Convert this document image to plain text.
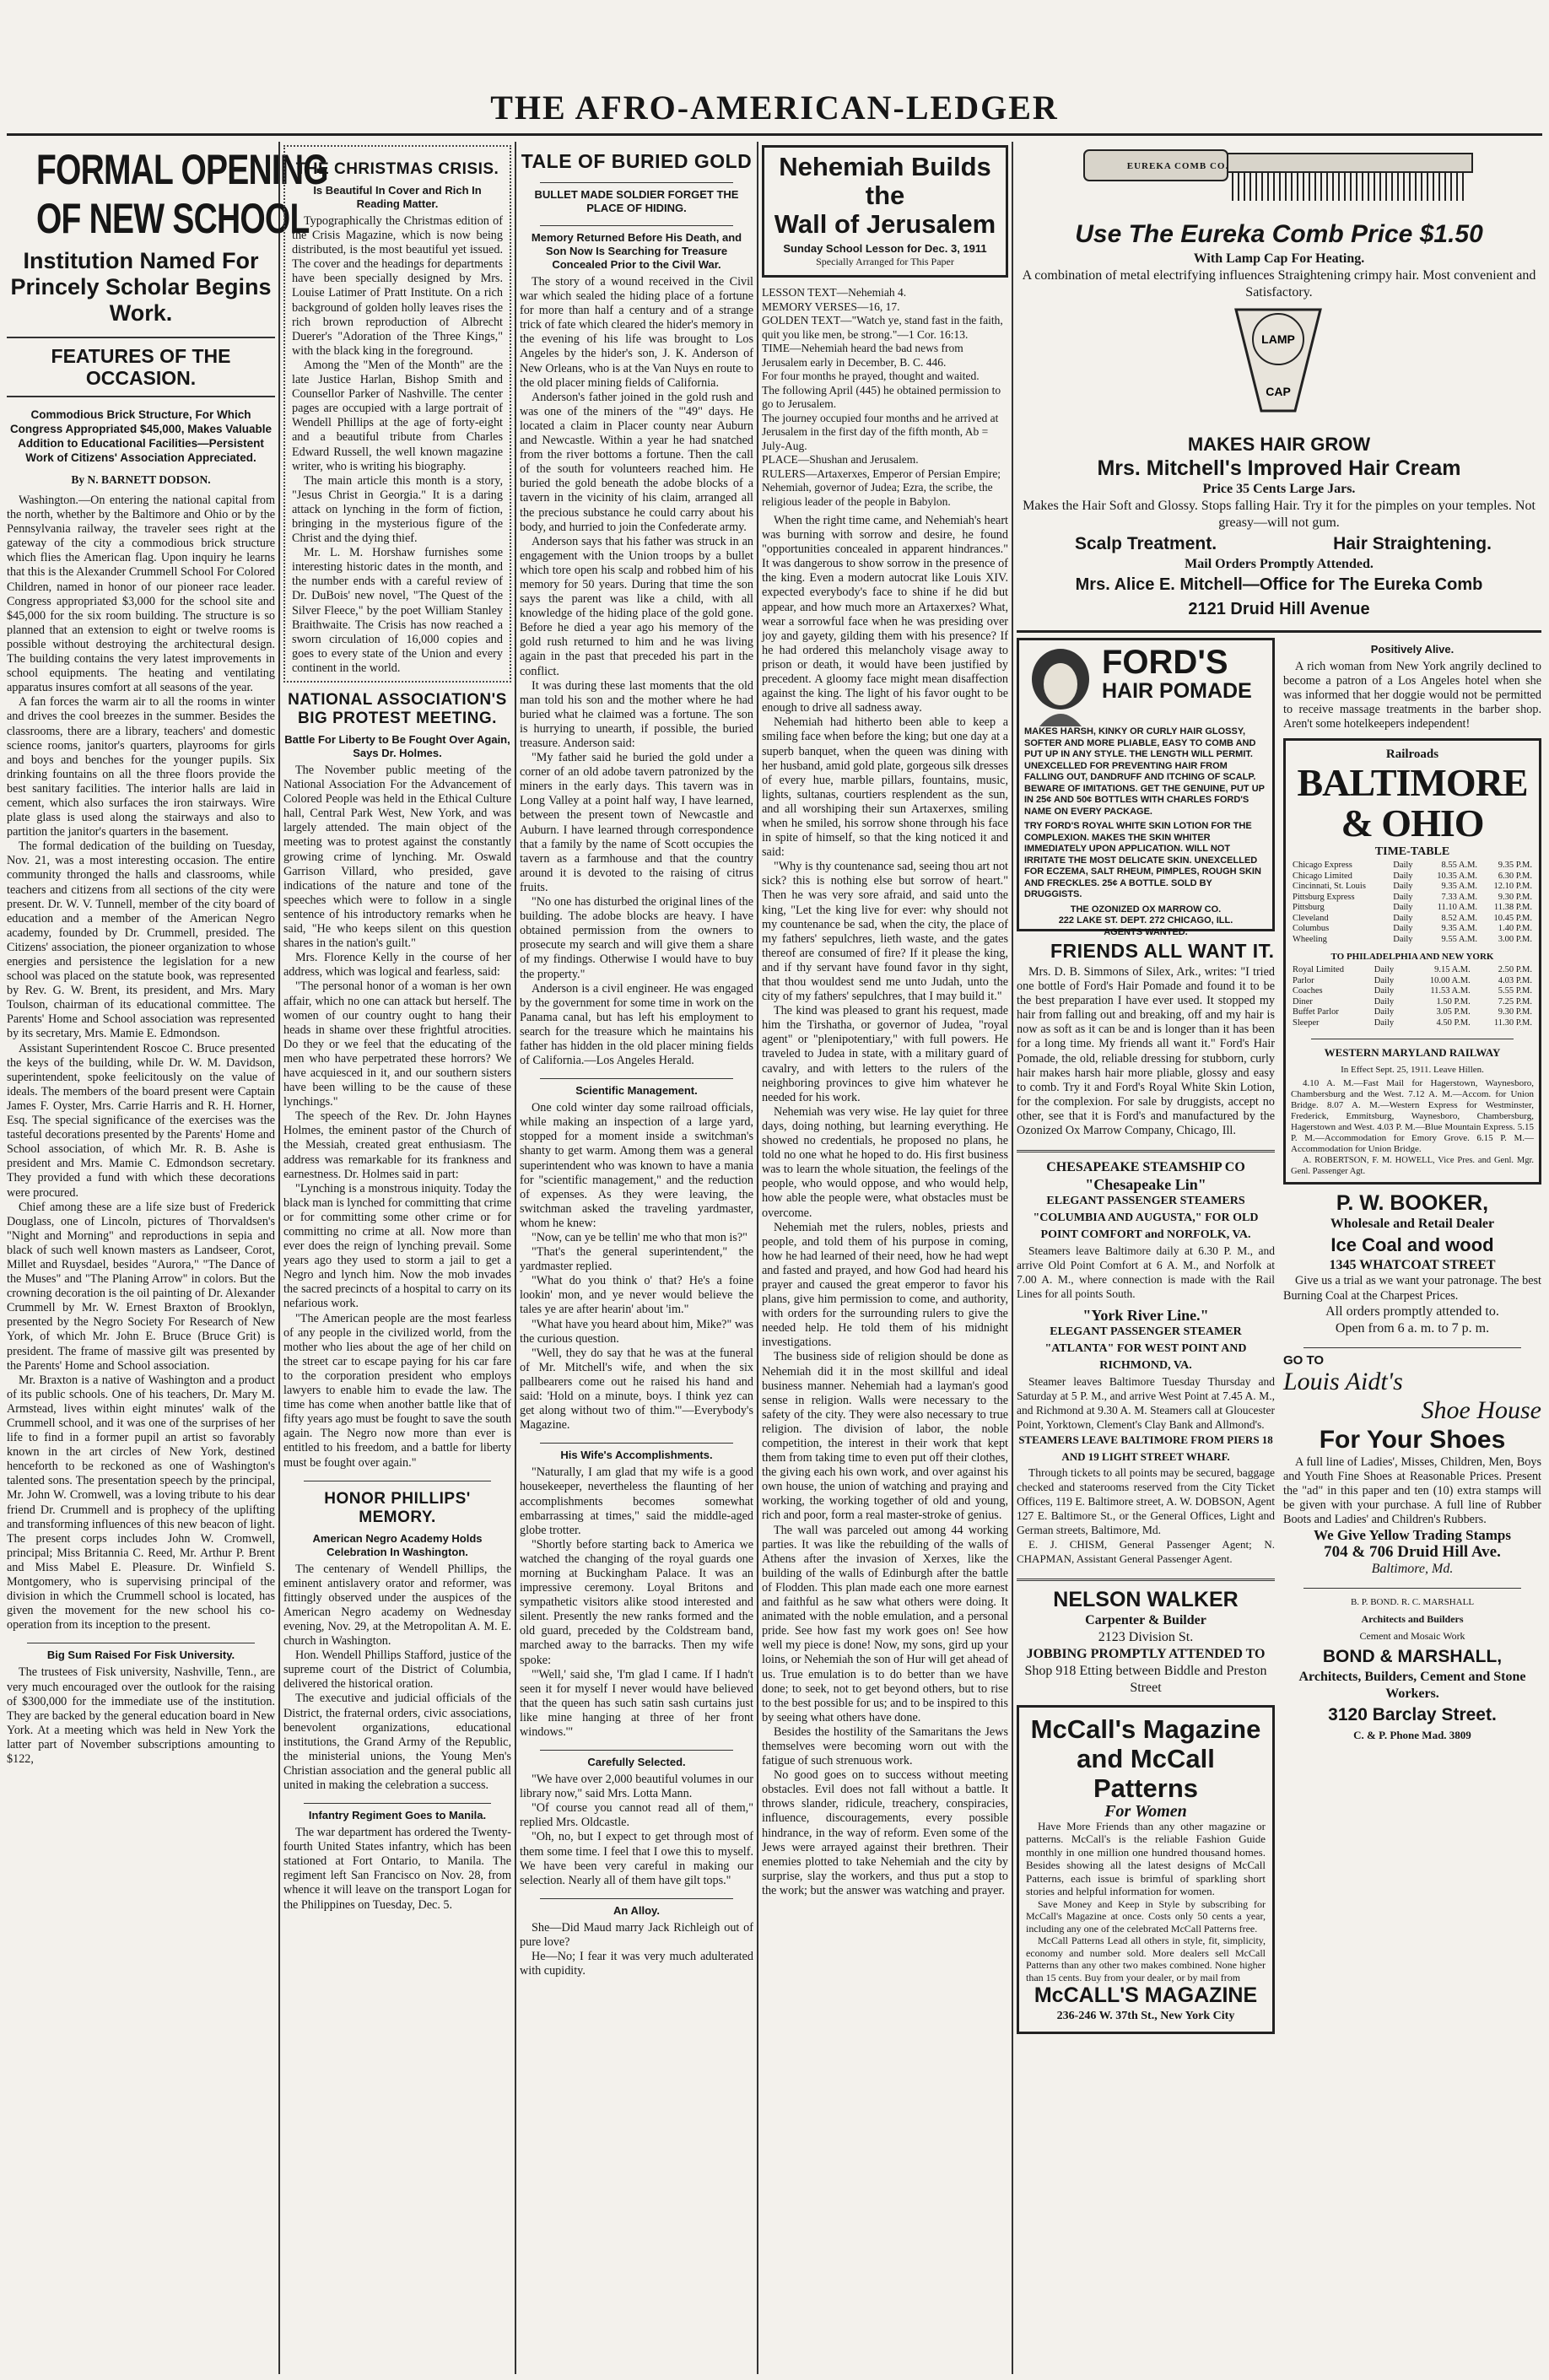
THE AFRO-AMERICAN-LEDGER
FORMAL OPENING
OF NEW SCHOOL
Institution Named For Princely Scholar Begins Work.
FEATURES OF THE OCCASION.
Commodious Brick Structure, For Which Congress Appropriated $45,000, Makes Valuable Addition to Educational Facilities—Persistent Work of Citizens' Association Appreciated.
By N. BARNETT DODSON.

Washington.—On entering the national capital from the north, whether by the Baltimore and Ohio or by the Pennsylvania railway, the traveler sees right at the gateway of the city a commodious brick structure which flies the American flag. Upon inquiry he learns that this is the Alexander Crummell School For Colored Children, named in honor of our pioneer race leader. Congress appropriated $3,000 for the school site and $45,000 for the six room building. The structure is so planned that an extension to eight or twelve rooms is possible without destroying the architectural design. The building contains the very latest improvements in school equipments. The heating and ventilating apparatus insures comfort at all seasons of the year.

A fan forces the warm air to all the rooms in winter and drives the cool breezes in the summer. Besides the classrooms, there are a library, teachers' and domestic science rooms, janitor's quarters, playrooms for girls and boys and benches for the younger pupils. Six drinking fountains on all the three floors provide the best sanitary facilities. The interior halls are laid in cement, which also surfaces the iron stairways. Wire plate glass is used along the stairways and also to partition the janitor's quarters in the basement.

The formal dedication of the building on Tuesday, Nov. 21, was a most interesting occasion. The entire community thronged the halls and classrooms, while teachers and citizens from all sections of the city were present. Dr. W. V. Tunnell, member of the city board of education and a member of the American Negro academy, founded by Dr. Crummell, presided. The Citizens' association, the pioneer organization to whose energies and persistence the legislation for a new school was placed on the statute book, was represented by Rev. G. W. Brent, its president, and Mrs. Mary Toulson, chairman of its educational committee. The Parents' Home and School association was represented by its secretary, Mrs. Mamie E. Edmondson.

Assistant Superintendent Roscoe C. Bruce presented the keys of the building, while Dr. W. M. Davidson, superintendent, spoke feelicitously on the value of ideals. The members of the board present were Captain James F. Oyster, Mrs. Carrie Harris and R. H. Horner, Esq. The special significance of the exercises was the tasteful decorations presented by the Parents' Home and School association, of which Mr. R. B. Ashe is president and Mrs. Mamie C. Edmondson secretary. They provided a fund with which these decorations were procured.

Chief among these are a life size bust of Frederick Douglass, one of Lincoln, pictures of Thorvaldsen's "Night and Morning" and reproductions in sepia and black of such well known masters as Landseer, Corot, Millet and Ruysdael, besides "Aurora," "The Dance of the Muses" and "The Planing Arrow" in colors. But the crowning decoration is the oil painting of Dr. Alexander Crummell by Mr. W. Ernest Braxton of Brooklyn, presented by the Negro Society For Research of New York, of which Mr. John E. Bruce (Bruce Grit) is president. The frame of massive gilt was presented by the Parents' Home and School association.

Mr. Braxton is a native of Washington and a product of its public schools. One of his teachers, Dr. Mary M. Armstead, lives within eight minutes' walk of the Crummell school, and it was one of the surprises of her life to find in a former pupil an artist so favorably known in the art circles of New York, destined henceforth to be reckoned as one of Washington's talented sons. The presentation speech by the principal, Mr. John W. Cromwell, was a loving tribute to his dear friend Dr. Crummell and is prophecy of the uplifting and transforming influences of this new beacon of light. The present corps includes John W. Cromwell, principal; Miss Britannia C. Reed, Mr. Arthur P. Brent and Miss Mabel E. Pleasure. Dr. Winfield S. Montgomery, who is supervising principal of the division in which the Crummell school is located, has given the movement for the new school his co-operation from its inception to the present.

Big Sum Raised For Fisk University.

The trustees of Fisk university, Nashville, Tenn., are very much encouraged over the outlook for the raising of $300,000 for the immediate use of the institution. They are backed by the general education board in New York. At a meeting which was held in New York the latter part of November subscriptions amounting to $122,

THE CHRISTMAS CRISIS.
Is Beautiful In Cover and Rich In Reading Matter.

Typographically the Christmas edition of the Crisis Magazine, which is now being distributed, is the most beautiful yet issued. The cover and the headings for departments have been specially designed by Mrs. Louise Latimer of Pratt Institute. On a rich background of golden holly leaves rises the rich brown reproduction of Albrecht Duerer's "Adoration of the Three Kings," with the black king in the foreground.

Among the "Men of the Month" are the late Justice Harlan, Bishop Smith and Counsellor Parker of Nashville. The center pages are occupied with a large portrait of Wendell Phillips at the age of forty-eight and a beautiful tribute from Charles Edward Russell, the well known magazine writer, who is writing his biography.

The main article this month is a story, "Jesus Christ in Georgia." It is a daring attack on lynching in the form of fiction, bringing in the mysterious figure of the Christ and the dying thief.

Mr. L. M. Horshaw furnishes some interesting historic dates in the month, and the number ends with a careful review of Dr. DuBois' new novel, "The Quest of the Silver Fleece," by the poet William Stanley Braithwaite. The Crisis has now reached a sworn circulation of 16,000 copies and goes to every state of the Union and every continent in the world.

NATIONAL ASSOCIATION'S BIG PROTEST MEETING.
Battle For Liberty to Be Fought Over Again, Says Dr. Holmes.

The November public meeting of the National Association For the Advancement of Colored People was held in the Ethical Culture hall, Central Park West, New York, and was largely attended. The main object of the meeting was to protest against the constantly growing crime of lynching. Mr. Oswald Garrison Villard, who presided, gave indications of the nature and tone of the speeches which were to follow in a single sentence of his introductory remarks when he said, "He who keeps silent on this question shares in the nation's guilt."

Mrs. Florence Kelly in the course of her address, which was logical and fearless, said:

"The personal honor of a woman is her own affair, which no one can attack but herself. The women of our country ought to hang their heads in shame over these frightful atrocities. Do they or we feel that the educating of the men who have perpetrated these horrors? We have acquiesced in it, and our southern sisters have been willing to be the cause of these lynchings."

The speech of the Rev. Dr. John Haynes Holmes, the eminent pastor of the Church of the Messiah, created great enthusiasm. The address was remarkable for its frankness and earnestness. Dr. Holmes said in part:

"Lynching is a monstrous iniquity. Today the black man is lynched for committing that crime or for committing some other crime or for committing no crime at all. Now more than ever does the reign of lynching prevail. Some years ago they used to storm a jail to get a Negro and lynch him. Now the mob invades the sacred precincts of a hospital to carry on its nefarious work.

"The American people are the most fearless of any people in the civilized world, from the mother who lies about the age of her child on the street car to escape paying for his car fare to the corporation president who employs lawyers to enable him to evade the law. The time has come when another battle like that of fifty years ago must be fought to save the south again. The Negro now more than ever is entitled to his freedom, and a battle for liberty must be fought over again."

HONOR PHILLIPS' MEMORY.
American Negro Academy Holds Celebration In Washington.

The centenary of Wendell Phillips, the eminent antislavery orator and reformer, was fittingly observed under the auspices of the American Negro academy on Wednesday evening, Nov. 29, at the Metropolitan A. M. E. church in Washington.

Hon. Wendell Phillips Stafford, justice of the supreme court of the District of Columbia, delivered the historical oration.

The executive and judicial officials of the District, the fraternal orders, civic associations, benevolent organizations, educational institutions, the Grand Army of the Republic, the ministerial unions, the Young Men's Christian association and the general public all united in making the celebration a success.

Infantry Regiment Goes to Manila.

The war department has ordered the Twenty-fourth United States infantry, which has been stationed at Fort Ontario, to Manila. The regiment left San Francisco on Nov. 28, from whence it will leave on the transport Logan for the Philippines on Tuesday, Dec. 5.

TALE OF BURIED GOLD
BULLET MADE SOLDIER FORGET THE PLACE OF HIDING.
Memory Returned Before His Death, and Son Now Is Searching for Treasure Concealed Prior to the Civil War.

The story of a wound received in the Civil war which sealed the hiding place of a fortune for more than half a century and of a strange trick of fate which cleared the hider's memory in the evening of his life was brought to Los Angeles by the hider's son, J. K. Anderson of New Orleans, who is at the Van Nuys en route to the old placer mining fields of California.

Anderson's father joined in the gold rush and was one of the miners of the "'49" days. He located a claim in Placer county near Auburn and Newcastle. Within a year he had snatched from the river bottoms a fortune. Then the call of the south for volunteers reached him. He buried the gold beneath the adobe blocks of a tavern in the vicinity of his claim, arranged all the precious substance he could carry about his body, and hurried to join the Confederate army.

Anderson says that his father was struck in an engagement with the Union troops by a bullet which tore open his scalp and robbed him of his memory for 50 years. During that time the son says the parent was like a child, with all knowledge of the hiding place of the gold gone. Before he died a year ago his memory of the gold rush returned to him and he was living again in the past that preceded his part in the conflict.

It was during these last moments that the old man told his son and the mother where he had buried what he claimed was a fortune. The son is hurrying to unearth, if possible, the buried treasure. Anderson said:

"My father said he buried the gold under a corner of an old adobe tavern patronized by the miners in the early days. This tavern was in Long Valley at a point half way, I have learned, between the present town of Newcastle and Auburn. I have learned through correspondence that a family by the name of Scott occupies the tavern as a farmhouse and that the country around it is devoted to the raising of citrus fruits.

"No one has disturbed the original lines of the building. The adobe blocks are heavy. I have obtained permission from the owners to prosecute my search and will give them a share of my findings. Otherwise I would have to buy the property."

Anderson is a civil engineer. He was engaged by the government for some time in work on the Panama canal, but has left his employment to search for the treasure which he maintains his father has hidden in the old placer mining fields of California.—Los Angeles Herald.

Scientific Management.

One cold winter day some railroad officials, while making an inspection of a large yard, stopped for a moment inside a switchman's shanty to get warm. Among them was a general superintendent who was known to have a mania for "scientific management," and the reduction of expenses. As they were leaving, the switchman asked the traveling yardmaster, whom he knew:

"Now, can ye be tellin' me who that mon is?"

"That's the general superintendent," the yardmaster replied.

"What do you think o' that? He's a foine lookin' mon, and ye never would believe the tales ye are after hearin' about 'im."

"What have you heard about him, Mike?" was the curious question.

"Well, they do say that he was at the funeral of Mr. Mitchell's wife, and when the six pallbearers come out he raised his hand and said: 'Hold on a minute, boys. I think yez can get along without two of thim.'"—Everybody's Magazine.

His Wife's Accomplishments.

"Naturally, I am glad that my wife is a good housekeeper, nevertheless the flaunting of her accomplishments becomes somewhat embarrassing at times," said the middle-aged globe trotter.

"Shortly before starting back to America we watched the changing of the royal guards one morning at Buckingham Palace. It was an impressive ceremony. Loyal Britons and sympathetic visitors alike stood interested and silent. Presently the new ranks formed and the old guard, preceded by the Coldstream band, marched away to the barracks. Then my wife spoke:

"'Well,' said she, 'I'm glad I came. If I hadn't seen it for myself I never would have believed that the queen has such satin sash curtains just like mine hanging at three of her front windows.'"

Carefully Selected.

"We have over 2,000 beautiful volumes in our library now," said Mrs. Lotta Mann.

"Of course you cannot read all of them," replied Mrs. Oldcastle.

"Oh, no, but I expect to get through most of them some time. I feel that I owe this to myself. We have been very careful in making our selection. Nearly all of them have gilt tops."

An Alloy.

She—Did Maud marry Jack Richleigh out of pure love?

He—No; I fear it was very much adulterated with cupidity.

Nehemiah Builds the
Wall of Jerusalem
Sunday School Lesson for Dec. 3, 1911
Specially Arranged for This Paper
LESSON TEXT—Nehemiah 4.
MEMORY VERSES—16, 17.
GOLDEN TEXT—"Watch ye, stand fast in the faith, quit you like men, be strong."—1 Cor. 16:13.
TIME—Nehemiah heard the bad news from Jerusalem early in December, B. C. 446.
For four months he prayed, thought and waited.
The following April (445) he obtained permission to go to Jerusalem.
The journey occupied four months and he arrived at Jerusalem in the first day of the fifth month, Ab = July-Aug.
PLACE—Shushan and Jerusalem.
RULERS—Artaxerxes, Emperor of Persian Empire; Nehemiah, governor of Judea; Ezra, the scribe, the religious leader of the people in Babylon.

When the right time came, and Nehemiah's heart was burning with sorrow and desire, he found "opportunities concealed in apparent hindrances." It was dangerous to show sorrow in the presence of the king. Even a modern autocrat like Louis XIV. expected everybody's face to shine if he did but appear, and how much more an Artaxerxes? What, wear a sorrowful face when he was presiding over joy and gayety, gilding them with his presence? If he had ordered this melancholy visage away to prison or death, it would have been justified by precedent. A gloomy face might mean disaffection against the king. The light of his favor ought to be enough to drive all sadness away.

Nehemiah had hitherto been able to keep a smiling face when before the king; but one day at a superb banquet, when the queen was dining with her husband, amid gold plate, gorgeous silk dresses of every hue, marble pillars, fountains, music, lights, sultanas, courtiers resplendent as the sun, and all worshiping their sun Artaxerxes, smiling when he smiled, his sorrow shone through his face in spite of himself, so that the king noticed it and said:

"Why is thy countenance sad, seeing thou art not sick? this is nothing else but sorrow of heart." Then he was very sore afraid, and said unto the king, "Let the king live for ever: why should not my countenance be sad, when the city, the place of my fathers' sepulchres, lieth waste, and the gates thereof are consumed of fire? If it please the king, and if thy servant have found favor in thy sight, that thou wouldest send me unto Judah, unto the city of my fathers' sepulchres, that I may build it."

The kind was pleased to grant his request, made him the Tirshatha, or governor of Judea, "royal agent" or "plenipotentiary," with full powers. He traveled to Judea in state, with a military guard of cavalry, and with letters to the rulers of the neighboring provinces to give him whatever he needed for his work.

Nehemiah was very wise. He lay quiet for three days, doing nothing, but learning everything. He showed no credentials, he proposed no plans, he told no one what he hoped to do. His first business was to learn the whole situation, the feelings of the people, who would oppose, and who would help, how able the people were, what obstacles must be overcome.

Nehemiah met the rulers, nobles, priests and people, and told them of his purpose in coming, how he had learned of their need, how he had wept and fasted and prayed, and how God had heard his prayer and caused the great emperor to favor his plans, give him permission to come, and authority, with orders for the surrounding rulers to give the needed help. He told them of his midnight investigations.

The business side of religion should be done as Nehemiah did it in the most skillful and ideal business manner. Nehemiah had a layman's good sense in religion. Walls were necessary to the safety of the city. They were also necessary to true religion. The division of labor, the noble competition, the interest in their work that kept them from taking time to even put off their clothes, the giving each his own work, and over against his own house, the union of watching and praying and working, the working together of old and young, rich and poor, form a real master-stroke of genius.

The wall was parceled out among 44 working parties. It was like the rebuilding of the walls of Athens after the invasion of Xerxes, like the building of the walls of Edinburgh after the battle of Flodden. This plan made each one more earnest and faithful as he saw what others were doing. It animated with the noble emulation, and a personal pride. See how fast my work goes on! See how well my piece is done! Now, my sons, gird up your loins, or Nehemiah the son of Hur will get ahead of us. True emulation is to do better than we have done; to seek, not to get beyond others, but to rise to the best possible for us; and to be inspired to this by seeing what others have done.

Besides the hostility of the Samaritans the Jews themselves were becoming worn out with the fatigue of such strenuous work.

No good goes on to success without meeting obstacles. Evil does not fall without a battle. It throws slander, ridicule, treachery, conspiracies, influence, discouragements, every possible hindrance, in the way of reform. Even some of the Jews were arrayed against their brethren. Their enemies plotted to take Nehemiah and the city by surprise, slay the workers, and thus put a stop to the work; but the answer was watching and prayer.

EUREKA COMB CO.
Use The Eureka Comb Price $1.50
With Lamp Cap For Heating.
A combination of metal electrifying influences Straightening crimpy hair. Most convenient and Satisfactory.
LAMP
CAP
MAKES HAIR GROW
Mrs. Mitchell's Improved Hair Cream
Price 35 Cents Large Jars.
Makes the Hair Soft and Glossy. Stops falling Hair. Try it for the pimples on your temples. Not greasy—will not gum.
Scalp Treatment.	Hair Straightening.
Mail Orders Promptly Attended.
Mrs. Alice E. Mitchell—Office for The Eureka Comb
2121 Druid Hill Avenue
FORD'S
HAIR POMADE
MAKES HARSH, KINKY OR CURLY HAIR GLOSSY, SOFTER AND MORE PLIABLE, EASY TO COMB AND PUT UP IN ANY STYLE. THE LENGTH WILL PERMIT. UNEXCELLED FOR PREVENTING HAIR FROM FALLING OUT, DANDRUFF AND ITCHING OF SCALP. BEWARE OF IMITATIONS. GET THE GENUINE, PUT UP IN 25¢ AND 50¢ BOTTLES WITH CHARLES FORD'S NAME ON EVERY PACKAGE.
TRY FORD'S ROYAL WHITE SKIN LOTION FOR THE COMPLEXION. MAKES THE SKIN WHITER IMMEDIATELY UPON APPLICATION. WILL NOT IRRITATE THE MOST DELICATE SKIN. UNEXCELLED FOR ECZEMA, SALT RHEUM, PIMPLES, ROUGH SKIN AND FRECKLES. 25¢ A BOTTLE. SOLD BY DRUGGISTS.
THE OZONIZED OX MARROW CO.
222 LAKE ST. DEPT. 272 CHICAGO, ILL.
AGENTS WANTED.
FRIENDS ALL WANT IT.

Mrs. D. B. Simmons of Silex, Ark., writes: "I tried one bottle of Ford's Hair Pomade and found it to be the best preparation I have ever used. It stopped my hair from falling out and breaking, off and my hair is now as soft as it can be and is longer than it has been for a long time. My friends all want it." Ford's Hair Pomade, the old, reliable dressing for stubborn, curly hair makes harsh hair more pliable, glossy and easy to comb. Try it and Ford's Royal White Skin Lotion, for the complexion. For sale by druggists, accept no other, see that it is Ford's and manufactured by the Ozonized Ox Marrow Company, Chicago, Ill.

CHESAPEAKE STEAMSHIP CO
"Chesapeake Lin"
ELEGANT PASSENGER STEAMERS "COLUMBIA AND AUGUSTA," FOR OLD POINT COMFORT and NORFOLK, VA.

Steamers leave Baltimore daily at 6.30 P. M., and arrive Old Point Comfort at 6 A. M., and Norfolk at 7.00 A. M., where connection is made with the Rail Lines for all points South.

"York River Line."
ELEGANT PASSENGER STEAMER "ATLANTA" FOR WEST POINT AND RICHMOND, VA.

Steamer leaves Baltimore Tuesday Thursday and Saturday at 5 P. M., and arrive West Point at 7.45 A. M., and Richmond at 9.30 A. M. Steamers call at Gloucester Point, Yorktown, Clement's Clay Bank and Allmond's.

STEAMERS LEAVE BALTIMORE FROM PIERS 18 AND 19 LIGHT STREET WHARF.

Through tickets to all points may be secured, baggage checked and staterooms reserved from the City Ticket Offices, 119 E. Baltimore street, A. W. DOBSON, Agent 127 E. Baltimore St., or the General Offices, Light and German streets, Baltimore, Md.

E. J. CHISM, General Passenger Agent; N. CHAPMAN, Assistant General Passenger Agent.

NELSON WALKER
Carpenter & Builder
2123 Division St.
JOBBING PROMPTLY ATTENDED TO
Shop 918 Etting between Biddle and Preston Street
McCall's Magazine
and McCall Patterns
For Women

Have More Friends than any other magazine or patterns. McCall's is the reliable Fashion Guide monthly in one million one hundred thousand homes. Besides showing all the latest designs of McCall Patterns, each issue is brimful of sparkling short stories and helpful information for women.

Save Money and Keep in Style by subscribing for McCall's Magazine at once. Costs only 50 cents a year, including any one of the celebrated McCall Patterns free.

McCall Patterns Lead all others in style, fit, simplicity, economy and number sold. More dealers sell McCall Patterns than any other two makes combined. None higher than 15 cents. Buy from your dealer, or by mail from

McCALL'S MAGAZINE
236-246 W. 37th St., New York City
Positively Alive.

A rich woman from New York angrily declined to become a patron of a Los Angeles hotel when she was informed that her doggie would not be permitted to receive massage treatments in the barber shop. Aren't some hotelkeepers independent!

Railroads
BALTIMORE & OHIO
TIME-TABLE
Chicago Express	Daily	8.55 A.M.	9.35 P.M.
Chicago Limited	Daily	10.35 A.M.	6.30 P.M.
Cincinnati, St. Louis	Daily	9.35 A.M.	12.10 P.M.
Pittsburg Express	Daily	7.33 A.M.	9.30 P.M.
Pittsburg	Daily	11.10 A.M.	11.38 P.M.
Cleveland	Daily	8.52 A.M.	10.45 P.M.
Columbus	Daily	9.35 A.M.	1.40 P.M.
Wheeling	Daily	9.55 A.M.	3.00 P.M.
TO PHILADELPHIA AND NEW YORK
Royal Limited	Daily	9.15 A.M.	2.50 P.M.
Parlor	Daily	10.00 A.M.	4.03 P.M.
Coaches	Daily	11.53 A.M.	5.55 P.M.
Diner	Daily	1.50 P.M.	7.25 P.M.
Buffet Parlor	Daily	3.05 P.M.	9.30 P.M.
Sleeper	Daily	4.50 P.M.	11.30 P.M.
WESTERN MARYLAND RAILWAY
In Effect Sept. 25, 1911. Leave Hillen.

4.10 A. M.—Fast Mail for Hagerstown, Waynesboro, Chambersburg and the West. 7.12 A. M.—Accom. for Union Bridge. 8.07 A. M.—Western Express for Westminster, Frederick, Emmitsburg, Waynesboro, Chambersburg, Hagerstown and West. 4.03 P. M.—Blue Mountain Express. 5.15 P. M.—Accommodation for Emory Grove. 6.15 P. M.—Accommodation for Union Bridge.

A. ROBERTSON, F. M. HOWELL, Vice Pres. and Genl. Mgr. Genl. Passenger Agt.

P. W. BOOKER,
Wholesale and Retail Dealer
Ice Coal and wood
1345 WHATCOAT STREET

Give us a trial as we want your patronage. The best Burning Coal at the Charpest Prices.

All orders promptly attended to.
Open from 6 a. m. to 7 p. m.
GO TO
Louis Aidt's
Shoe House
For Your Shoes

A full line of Ladies', Misses, Children, Men, Boys and Youth Fine Shoes at Reasonable Prices. Present the "ad" in this paper and ten (10) extra stamps will be given with your purchase. A full line of Rubber Boots and Ladies' and Children's Rubbers.

We Give Yellow Trading Stamps
704 & 706 Druid Hill Ave.
Baltimore, Md.
B. P. BOND. R. C. MARSHALL
Architects and Builders
Cement and Mosaic Work
BOND & MARSHALL,
Architects, Builders, Cement and Stone Workers.
3120 Barclay Street.
C. & P. Phone Mad. 3809
